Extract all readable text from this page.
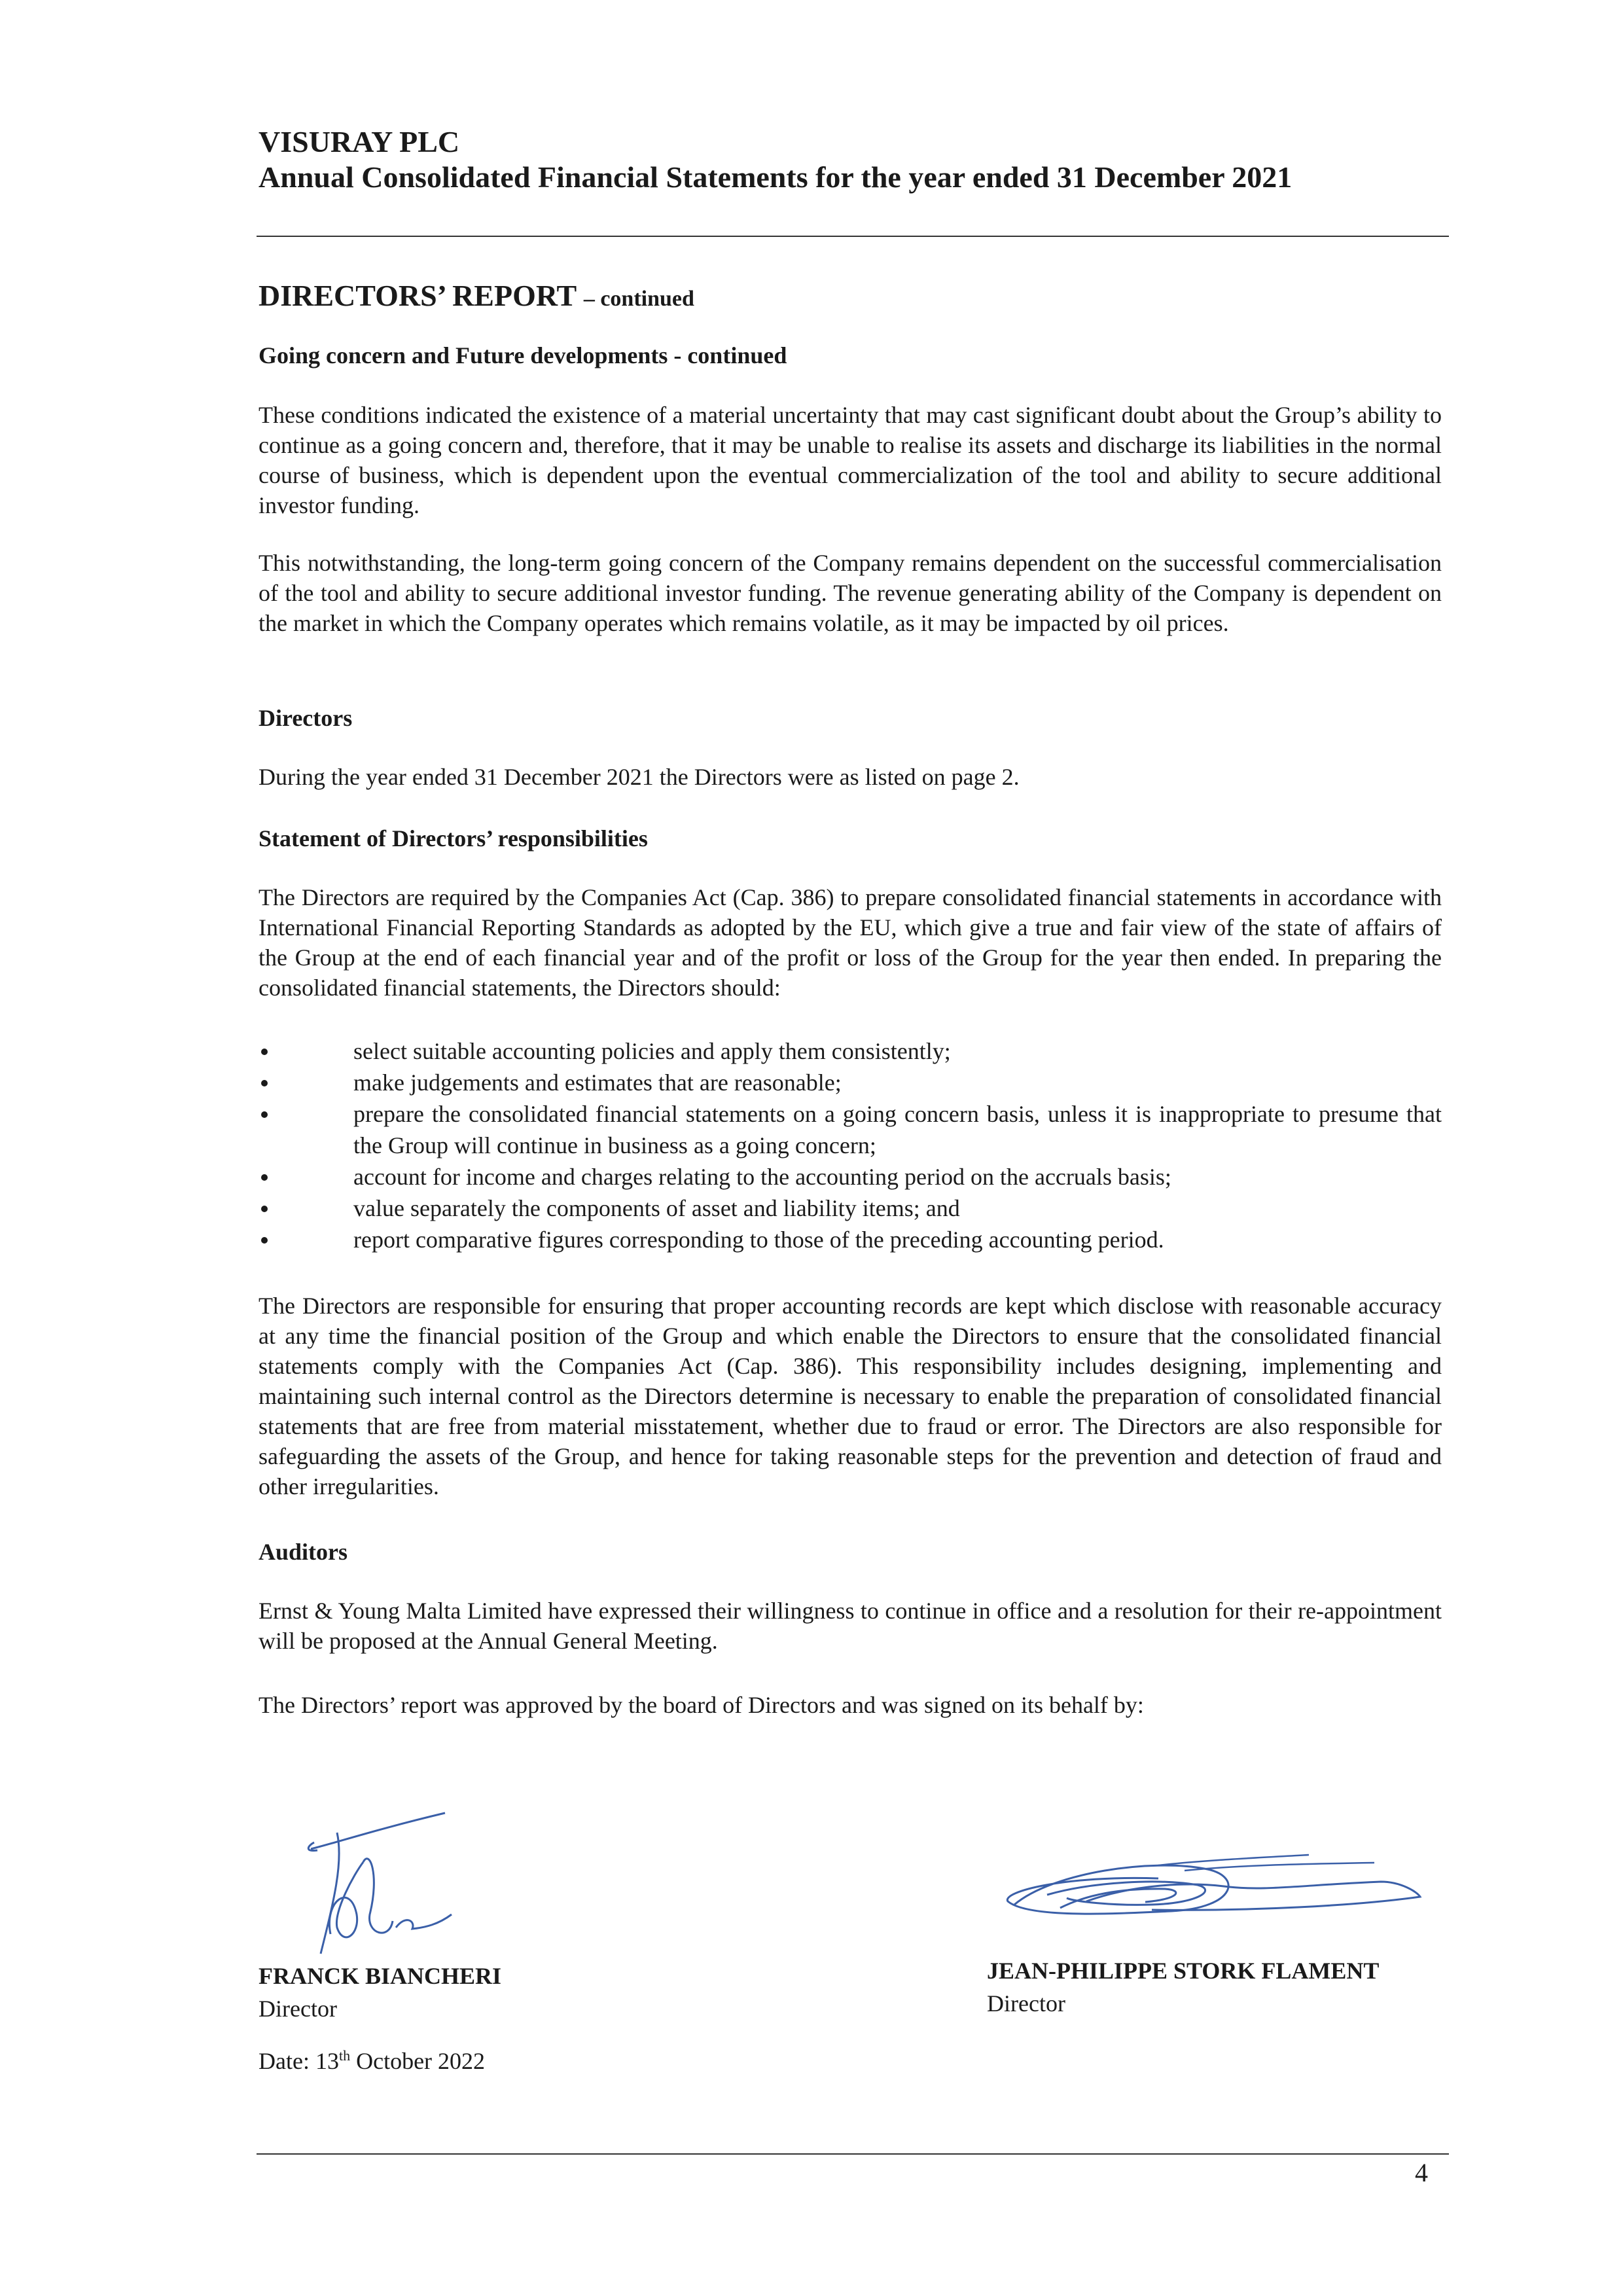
VISURAY PLC
Annual Consolidated Financial Statements for the year ended 31 December 2021
DIRECTORS’ REPORT – continued
Going concern and Future developments - continued
These conditions indicated the existence of a material uncertainty that may cast significant doubt about the Group’s ability to continue as a going concern and, therefore, that it may be unable to realise its assets and discharge its liabilities in the normal course of business, which is dependent upon the eventual commercialization of the tool and ability to secure additional investor funding.
This notwithstanding, the long-term going concern of the Company remains dependent on the successful commercialisation of the tool and ability to secure additional investor funding. The revenue generating ability of the Company is dependent on the market in which the Company operates which remains volatile, as it may be impacted by oil prices.
Directors
During the year ended 31 December 2021 the Directors were as listed on page 2.
Statement of Directors’ responsibilities
The Directors are required by the Companies Act (Cap. 386) to prepare consolidated financial statements in accordance with International Financial Reporting Standards as adopted by the EU, which give a true and fair view of the state of affairs of the Group at the end of each financial year and of the profit or loss of the Group for the year then ended. In preparing the consolidated financial statements, the Directors should:
select suitable accounting policies and apply them consistently;
make judgements and estimates that are reasonable;
prepare the consolidated financial statements on a going concern basis, unless it is inappropriate to presume that the Group will continue in business as a going concern;
account for income and charges relating to the accounting period on the accruals basis;
value separately the components of asset and liability items; and
report comparative figures corresponding to those of the preceding accounting period.
The Directors are responsible for ensuring that proper accounting records are kept which disclose with reasonable accuracy at any time the financial position of the Group and which enable the Directors to ensure that the consolidated financial statements comply with the Companies Act (Cap. 386). This responsibility includes designing, implementing and maintaining such internal control as the Directors determine is necessary to enable the preparation of consolidated financial statements that are free from material misstatement, whether due to fraud or error. The Directors are also responsible for safeguarding the assets of the Group, and hence for taking reasonable steps for the prevention and detection of fraud and other irregularities.
Auditors
Ernst & Young Malta Limited have expressed their willingness to continue in office and a resolution for their re-appointment will be proposed at the Annual General Meeting.
The Directors’ report was approved by the board of Directors and was signed on its behalf by:
FRANCK BIANCHERI
Director
JEAN-PHILIPPE STORK FLAMENT
Director
Date: 13th October 2022
4
